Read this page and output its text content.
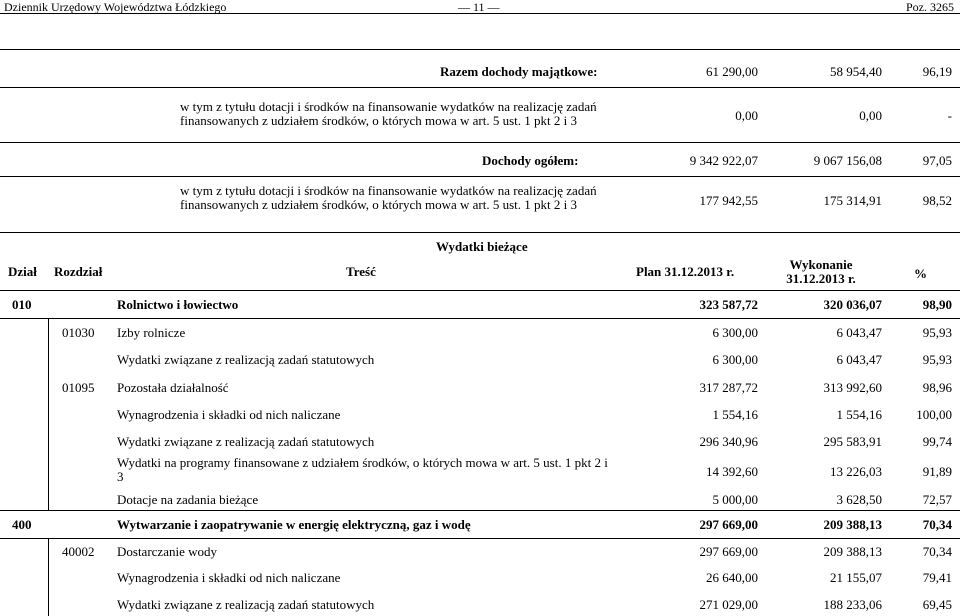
Dziennik Urzędowy Województwa Łódzkiego	— 11 —	Poz. 3265
Razem dochody majątkowe:	61 290,00	58 954,40	96,19
w tym z tytułu dotacji i środków na finansowanie wydatków na realizację zadań finansowanych z udziałem środków, o których mowa w art. 5 ust. 1 pkt 2 i 3	0,00	0,00	-
Dochody ogółem:	9 342 922,07	9 067 156,08	97,05
w tym z tytułu dotacji i środków na finansowanie wydatków na realizację zadań finansowanych z udziałem środków, o których mowa w art. 5 ust. 1 pkt 2 i 3	177 942,55	175 314,91	98,52
Wydatki bieżące
Dział Rozdział	Treść	Plan 31.12.2013 r.	Wykonanie 31.12.2013 r.	%
010	Rolnictwo i łowiectwo	323 587,72	320 036,07	98,90
01030 Izby rolnicze	6 300,00	6 043,47	95,93
Wydatki związane z realizacją zadań statutowych	6 300,00	6 043,47	95,93
01095 Pozostała działalność	317 287,72	313 992,60	98,96
Wynagrodzenia i składki od nich naliczane	1 554,16	1 554,16	100,00
Wydatki związane z realizacją zadań statutowych	296 340,96	295 583,91	99,74
Wydatki na programy finansowane z udziałem środków, o których mowa w art. 5 ust. 1 pkt 2 i 3	14 392,60	13 226,03	91,89
Dotacje na zadania bieżące	5 000,00	3 628,50	72,57
400	Wytwarzanie i zaopatrywanie w energię elektryczną, gaz i wodę	297 669,00	209 388,13	70,34
40002 Dostarczanie wody	297 669,00	209 388,13	70,34
Wynagrodzenia i składki od nich naliczane	26 640,00	21 155,07	79,41
Wydatki związane z realizacją zadań statutowych	271 029,00	188 233,06	69,45
